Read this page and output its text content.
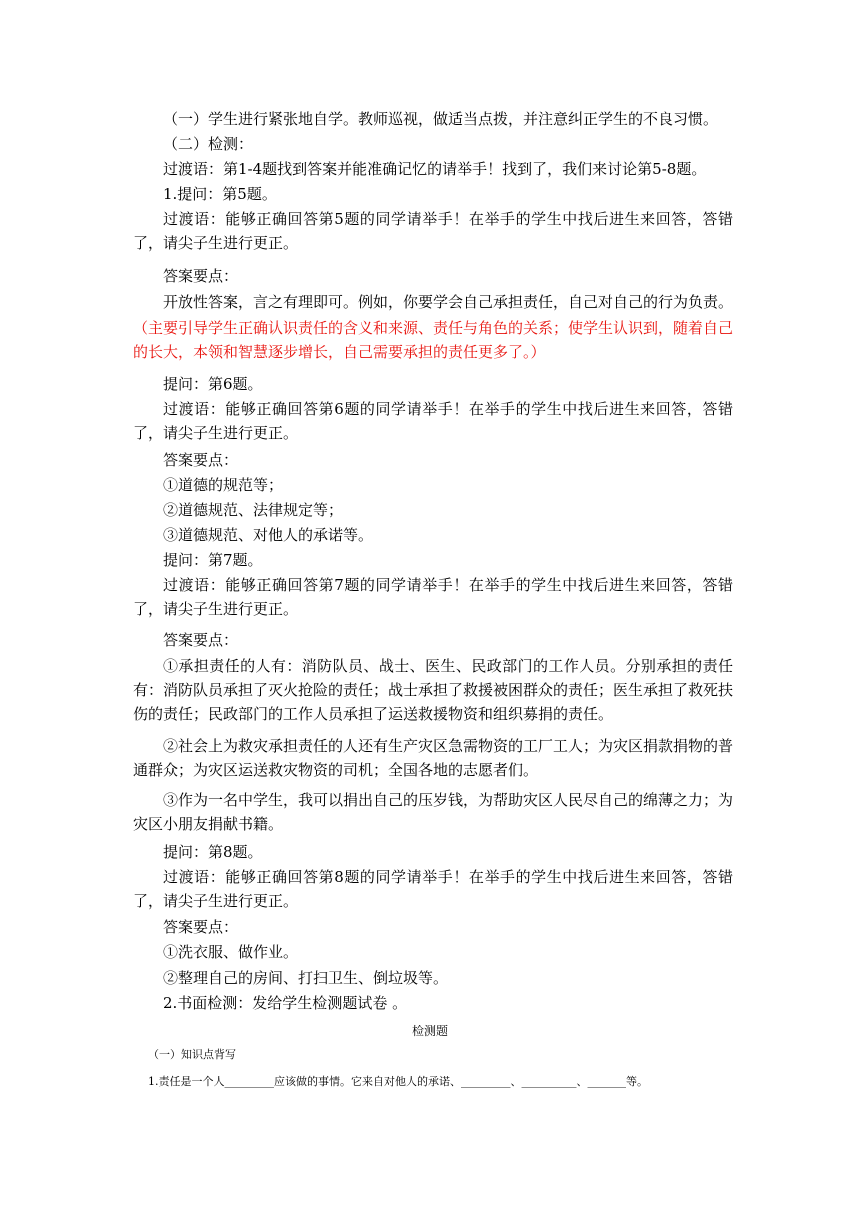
（一）学生进行紧张地自学。教师巡视，做适当点拨，并注意纠正学生的不良习惯。

（二）检测：

过渡语：第1-4题找到答案并能准确记忆的请举手！找到了，我们来讨论第5-8题。

1.提问：第5题。

过渡语：能够正确回答第5题的同学请举手！在举手的学生中找后进生来回答，答错了，请尖子生进行更正。

答案要点：

开放性答案，言之有理即可。例如，你要学会自己承担责任，自己对自己的行为负责。

（主要引导学生正确认识责任的含义和来源、责任与角色的关系；使学生认识到，随着自己的长大，本领和智慧逐步增长，自己需要承担的责任更多了。）

提问：第6题。

过渡语：能够正确回答第6题的同学请举手！在举手的学生中找后进生来回答，答错了，请尖子生进行更正。

答案要点：

①道德的规范等；

②道德规范、法律规定等；

③道德规范、对他人的承诺等。

提问：第7题。

过渡语：能够正确回答第7题的同学请举手！在举手的学生中找后进生来回答，答错了，请尖子生进行更正。

答案要点：

①承担责任的人有：消防队员、战士、医生、民政部门的工作人员。分别承担的责任有：消防队员承担了灭火抢险的责任；战士承担了救援被困群众的责任；医生承担了救死扶伤的责任；民政部门的工作人员承担了运送救援物资和组织募捐的责任。

②社会上为救灾承担责任的人还有生产灾区急需物资的工厂工人；为灾区捐款捐物的普通群众；为灾区运送救灾物资的司机；全国各地的志愿者们。

③作为一名中学生，我可以捐出自己的压岁钱，为帮助灾区人民尽自己的绵薄之力；为灾区小朋友捐献书籍。

提问：第8题。

过渡语：能够正确回答第8题的同学请举手！在举手的学生中找后进生来回答，答错了，请尖子生进行更正。

答案要点：

①洗衣服、做作业。

②整理自己的房间、打扫卫生、倒垃圾等。

2.书面检测：发给学生检测题试卷 。

检测题

（一）知识点背写

1.责任是一个人_________应该做的事情。它来自对他人的承诺、_________、__________、_______等。
